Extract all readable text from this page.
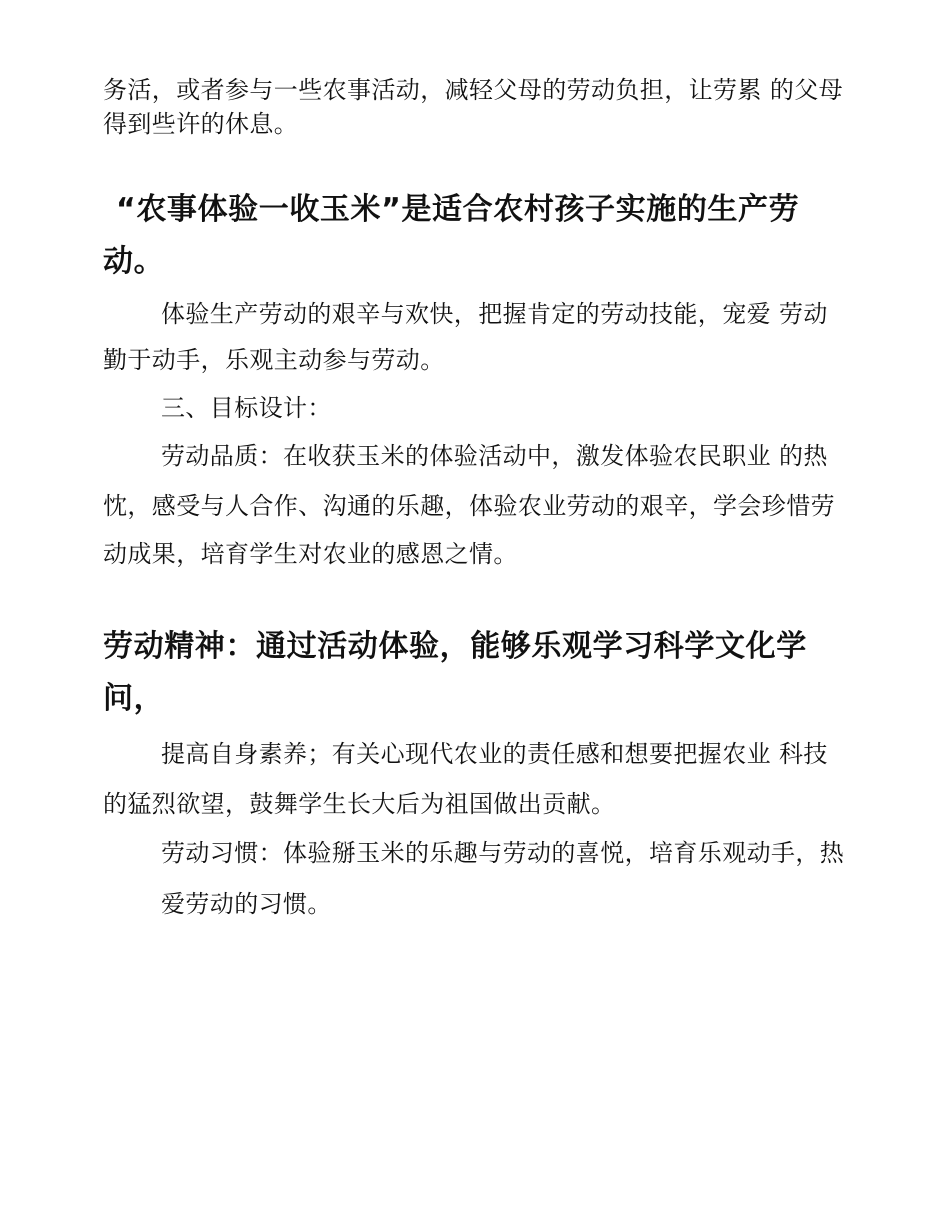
务活，或者参与一些农事活动，减轻父母的劳动负担，让劳累 的父母
得到些许的休息。
“农事体验一收玉米”是适合农村孩子实施的生产劳
动。
体验生产劳动的艰辛与欢快，把握肯定的劳动技能，宠爱 劳动
勤于动手，乐观主动参与劳动。
三、目标设计：
劳动品质：在收获玉米的体验活动中，激发体验农民职业 的热
忱，感受与人合作、沟通的乐趣，体验农业劳动的艰辛，学会珍惜劳
动成果，培育学生对农业的感恩之情。
劳动精神：通过活动体验，能够乐观学习科学文化学
问，
提高自身素养；有关心现代农业的责任感和想要把握农业 科技
的猛烈欲望，鼓舞学生长大后为祖国做出贡献。
劳动习惯：体验掰玉米的乐趣与劳动的喜悦，培育乐观动手，热
爱劳动的习惯。
